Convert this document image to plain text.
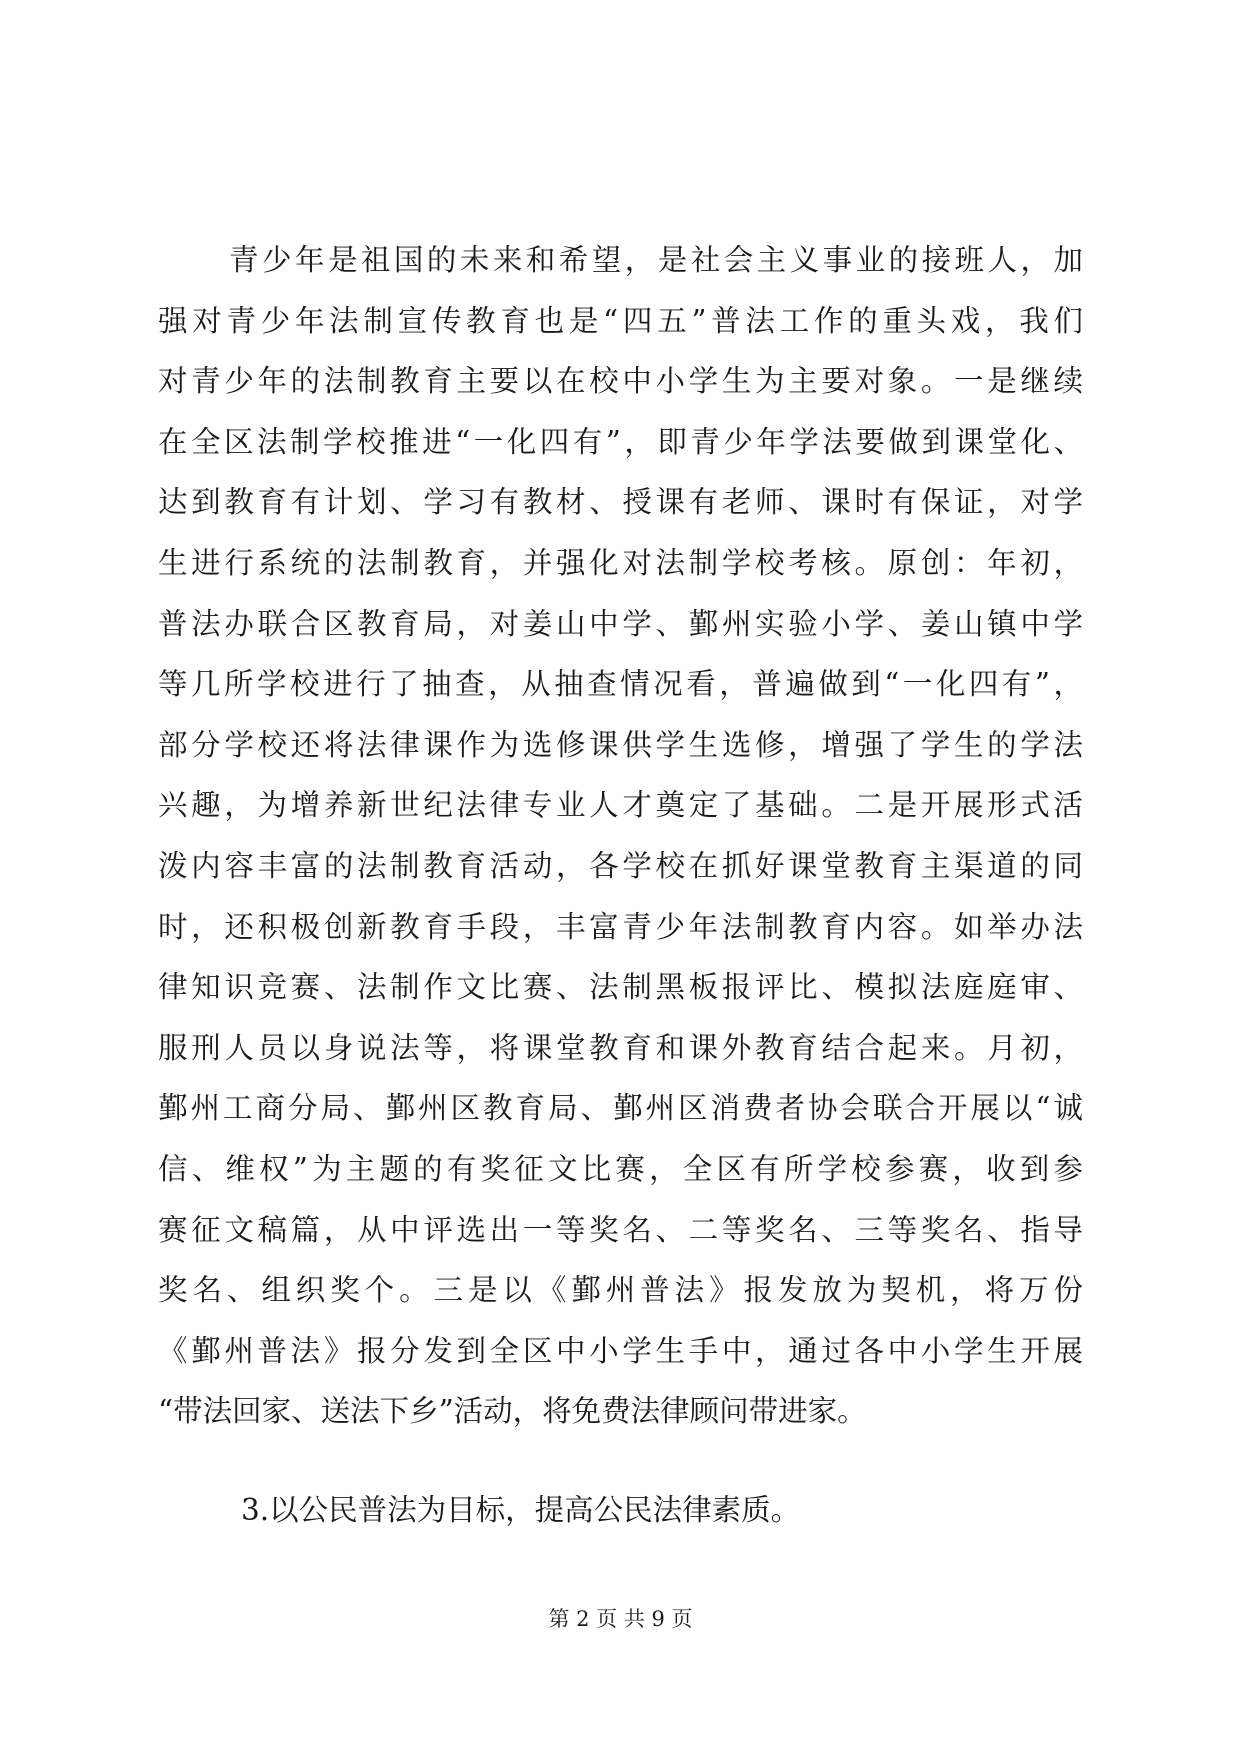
青少年是祖国的未来和希望，是社会主义事业的接班人，加
强对青少年法制宣传教育也是“四五”普法工作的重头戏，我们
对青少年的法制教育主要以在校中小学生为主要对象。一是继续
在全区法制学校推进“一化四有”，即青少年学法要做到课堂化、
达到教育有计划、学习有教材、授课有老师、课时有保证，对学
生进行系统的法制教育，并强化对法制学校考核。原创：年初，
普法办联合区教育局，对姜山中学、鄞州实验小学、姜山镇中学
等几所学校进行了抽查，从抽查情况看，普遍做到“一化四有”，
部分学校还将法律课作为选修课供学生选修，增强了学生的学法
兴趣，为增养新世纪法律专业人才奠定了基础。二是开展形式活
泼内容丰富的法制教育活动，各学校在抓好课堂教育主渠道的同
时，还积极创新教育手段，丰富青少年法制教育内容。如举办法
律知识竞赛、法制作文比赛、法制黑板报评比、模拟法庭庭审、
服刑人员以身说法等，将课堂教育和课外教育结合起来。月初，
鄞州工商分局、鄞州区教育局、鄞州区消费者协会联合开展以“诚
信、维权”为主题的有奖征文比赛，全区有所学校参赛，收到参
赛征文稿篇，从中评选出一等奖名、二等奖名、三等奖名、指导
奖名、组织奖个。三是以《鄞州普法》报发放为契机，将万份
《鄞州普法》报分发到全区中小学生手中，通过各中小学生开展
“带法回家、送法下乡”活动，将免费法律顾问带进家。
3.以公民普法为目标，提高公民法律素质。
第 2 页 共 9 页
